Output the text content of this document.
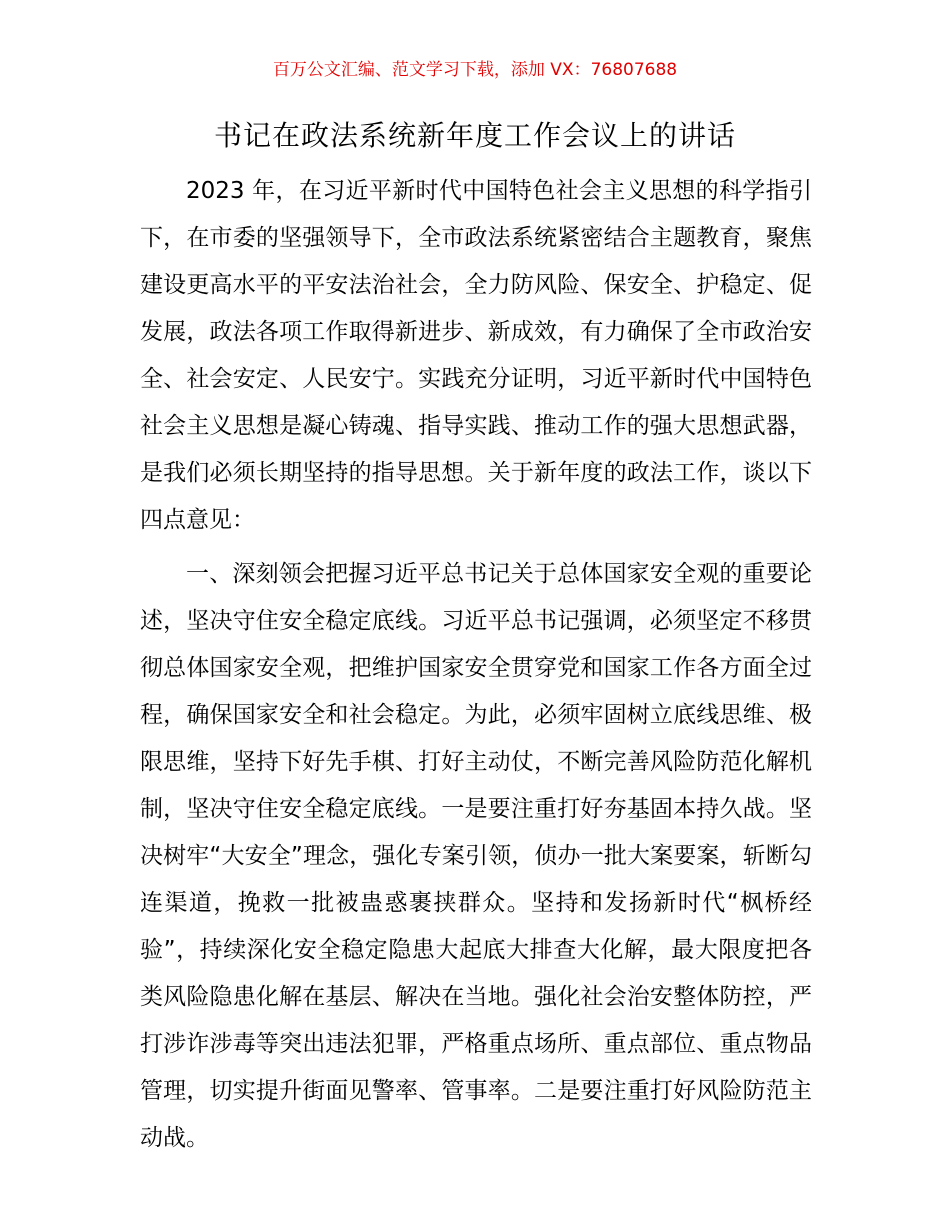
百万公文汇编、范文学习下载，添加 VX：76807688
书记在政法系统新年度工作会议上的讲话

2023 年，在习近平新时代中国特色社会主义思想的科学指引下，在市委的坚强领导下，全市政法系统紧密结合主题教育，聚焦建设更高水平的平安法治社会，全力防风险、保安全、护稳定、促发展，政法各项工作取得新进步、新成效，有力确保了全市政治安全、社会安定、人民安宁。实践充分证明，习近平新时代中国特色社会主义思想是凝心铸魂、指导实践、推动工作的强大思想武器，是我们必须长期坚持的指导思想。关于新年度的政法工作，谈以下四点意见：

一、深刻领会把握习近平总书记关于总体国家安全观的重要论述，坚决守住安全稳定底线。习近平总书记强调，必须坚定不移贯彻总体国家安全观，把维护国家安全贯穿党和国家工作各方面全过程，确保国家安全和社会稳定。为此，必须牢固树立底线思维、极限思维，坚持下好先手棋、打好主动仗，不断完善风险防范化解机制，坚决守住安全稳定底线。一是要注重打好夯基固本持久战。坚决树牢“大安全”理念，强化专案引领，侦办一批大案要案，斩断勾连渠道，挽救一批被蛊惑裹挟群众。坚持和发扬新时代“枫桥经验”，持续深化安全稳定隐患大起底大排查大化解，最大限度把各类风险隐患化解在基层、解决在当地。强化社会治安整体防控，严打涉诈涉毒等突出违法犯罪，严格重点场所、重点部位、重点物品管理，切实提升街面见警率、管事率。二是要注重打好风险防范主动战。
